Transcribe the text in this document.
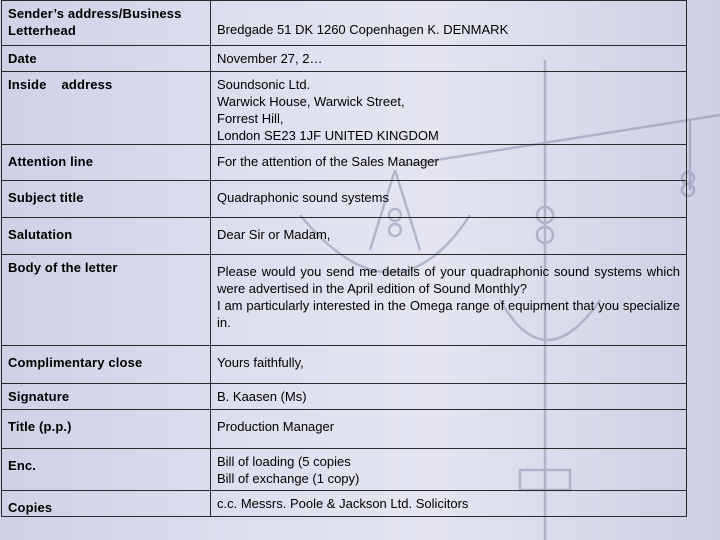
Sender’s address/Business Letterhead	Bredgade 51 DK 1260 Copenhagen K. DENMARK

Date	November 27, 2…

Inside    address	Soundsonic Ltd.
Warwick House, Warwick Street,
Forrest Hill,
London SE23 1JF UNITED KINGDOM

Attention line	For the attention of the Sales Manager

Subject title	Quadraphonic sound systems

Salutation	Dear Sir or Madam,

Body of the letter	Please would you send me details of your quadraphonic sound systems which were advertised in the April edition of Sound Monthly?
I am particularly interested in the Omega range of equipment that you specialize in.

Complimentary close	Yours faithfully,

Signature	B. Kaasen (Ms)

Title (p.p.)	Production Manager

Enc.	Bill of loading (5 copies
Bill of exchange (1 copy)

Copies	c.c. Messrs. Poole & Jackson Ltd. Solicitors
